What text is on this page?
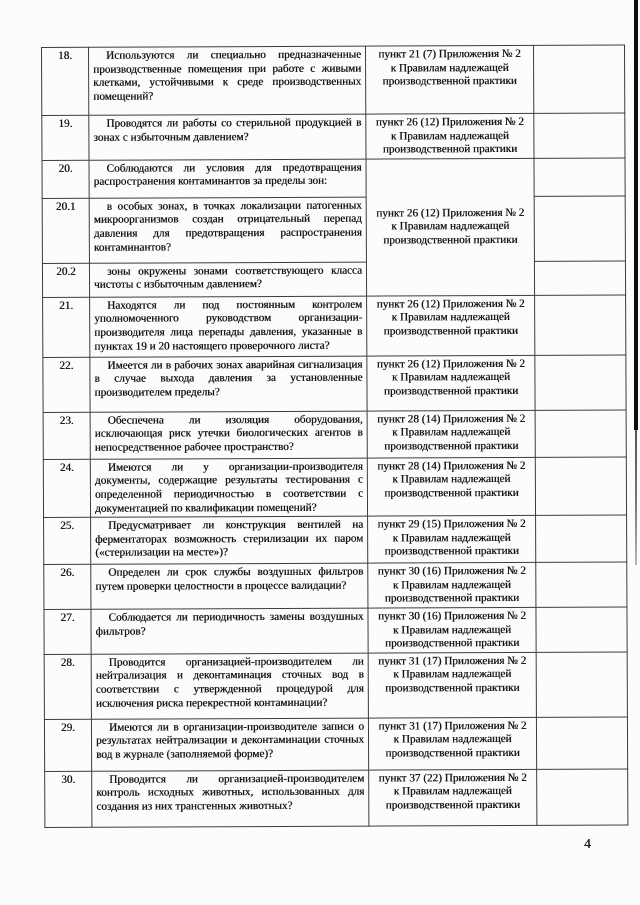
18.	Используются ли специально предназначенные производственные помещения при работе с живыми клетками, устойчивыми к среде производственных помещений?	пункт 21 (7) Приложения № 2
к Правилам надлежащей
производственной практики	
19.	Проводятся ли работы со стерильной продукцией в зонах с избыточным давлением?	пункт 26 (12) Приложения № 2
к Правилам надлежащей
производственной практики	
20.	Соблюдаются ли условия для предотвращения распространения контаминантов за пределы зон:	пункт 26 (12) Приложения № 2
к Правилам надлежащей
производственной практики	
20.1	в особых зонах, в точках локализации патогенных микроорганизмов создан отрицательный перепад давления для предотвращения распространения контаминантов?		
20.2	зоны окружены зонами соответствующего класса чистоты с избыточным давлением?		
21.	Находятся ли под постоянным контролем уполномоченного руководством организации-производителя лица перепады давления, указанные в пунктах 19 и 20 настоящего проверочного листа?	пункт 26 (12) Приложения № 2
к Правилам надлежащей
производственной практики	
22.	Имеется ли в рабочих зонах аварийная сигнализация в случае выхода давления за установленные производителем пределы?	пункт 26 (12) Приложения № 2
к Правилам надлежащей
производственной практики	
23.	Обеспечена ли изоляция оборудования, исключающая риск утечки биологических агентов в непосредственное рабочее пространство?	пункт 28 (14) Приложения № 2
к Правилам надлежащей
производственной практики	
24.	Имеются ли у организации-производителя документы, содержащие результаты тестирования с определенной периодичностью в соответствии с документацией по квалификации помещений?	пункт 28 (14) Приложения № 2
к Правилам надлежащей
производственной практики	
25.	Предусматривает ли конструкция вентилей на ферментаторах возможность стерилизации их паром («стерилизации на месте»)?	пункт 29 (15) Приложения № 2
к Правилам надлежащей
производственной практики	
26.	Определен ли срок службы воздушных фильтров путем проверки целостности в процессе валидации?	пункт 30 (16) Приложения № 2
к Правилам надлежащей
производственной практики	
27.	Соблюдается ли периодичность замены воздушных фильтров?	пункт 30 (16) Приложения № 2
к Правилам надлежащей
производственной практики	
28.	Проводится организацией-производителем ли нейтрализация и деконтаминация сточных вод в соответствии с утвержденной процедурой для исключения риска перекрестной контаминации?	пункт 31 (17) Приложения № 2
к Правилам надлежащей
производственной практики	
29.	Имеются ли в организации-производителе записи о результатах нейтрализации и деконтаминации сточных вод в журнале (заполняемой форме)?	пункт 31 (17) Приложения № 2
к Правилам надлежащей
производственной практики	
30.	Проводится ли организацией-производителем контроль исходных животных, использованных для создания из них трансгенных животных?	пункт 37 (22) Приложения № 2
к Правилам надлежащей
производственной практики	
4
